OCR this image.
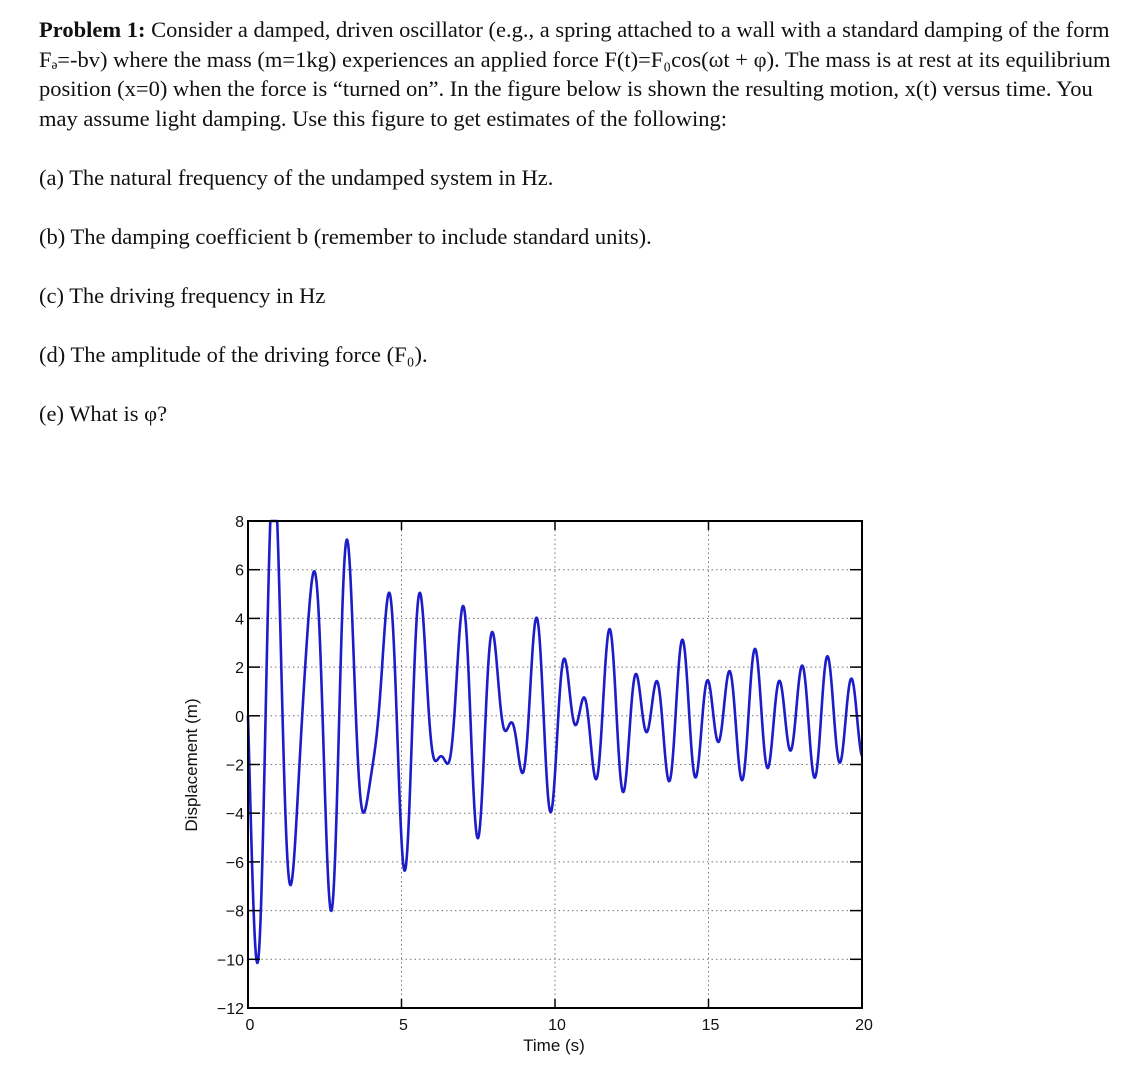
Problem 1: Consider a damped, driven oscillator (e.g., a spring attached to a wall with a standard damping of the form Fₔ=-bv) where the mass (m=1kg) experiences an applied force F(t)=F₀cos(ωt + φ). The mass is at rest at its equilibrium position (x=0) when the force is “turned on”. In the figure below is shown the resulting motion, x(t) versus time. You may assume light damping. Use this figure to get estimates of the following:

(a) The natural frequency of the undamped system in Hz.

(b) The damping coefficient b (remember to include standard units).

(c) The driving frequency in Hz

(d) The amplitude of the driving force (F₀).

(e) What is φ?

0	5	10	15	20
8
6
4
2
0
−2
−4
−6
−8
−10
−12
Time (s)
Displacement (m)
